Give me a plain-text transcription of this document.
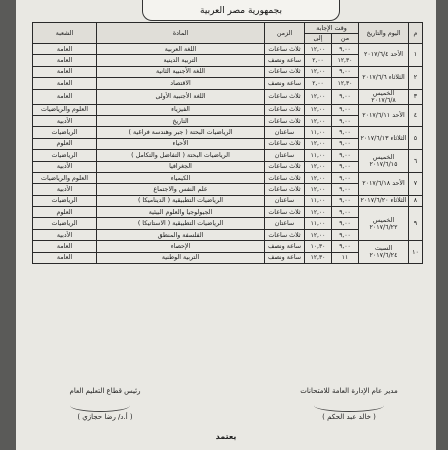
بجمهورية مصر العربية
م	اليوم والتاريخ	وقت الإجابة		الزمن	المادة	الشعبة
		من	إلى			
١	الأحد ٢٠١٧/٦/٤	٩,٠٠	١٢,٠٠	ثلاث ساعات	اللغة العربية	العامة
		١٢,٣٠	٢,٠٠	ساعة ونصف	التربية الدينية	العامة
٢	الثلاثاء ٢٠١٧/٦/٦	٩,٠٠	١٢,٠٠	ثلاث ساعات	اللغة الأجنبية الثانية	العامة
		١٢,٣٠	٢,٠٠	ساعة ونصف	الاقتصاد	العامة
٣	الخميس ٢٠١٧/٦/٨	٩,٠٠	١٢,٠٠	ثلاث ساعات	اللغة الأجنبية الأولى	العامة
٤	الأحد ٢٠١٧/٦/١١	٩,٠٠	١٢,٠٠	ثلاث ساعات	الفيزياء	العلوم والرياضيات
		٩,٠٠	١٢,٠٠	ثلاث ساعات	التاريخ	الأدبية
٥	الثلاثاء ٢٠١٧/٦/١٣	٩,٠٠	١١,٠٠	ساعتان	الرياضيات البحتة ( جبر وهندسة فراغية )	الرياضيات
		٩,٠٠	١٢,٠٠	ثلاث ساعات	الأحياء	العلوم
٦	الخميس ٢٠١٧/٦/١٥	٩,٠٠	١١,٠٠	ساعتان	الرياضيات البحتة ( التفاضل والتكامل )	الرياضيات
		٩,٠٠	١٢,٠٠	ثلاث ساعات	الجغرافيا	الأدبية
٧	الأحد ٢٠١٧/٦/١٨	٩,٠٠	١٢,٠٠	ثلاث ساعات	الكيمياء	العلوم والرياضيات
		٩,٠٠	١٢,٠٠	ثلاث ساعات	علم النفس والاجتماع	الأدبية
٨	الثلاثاء ٢٠١٧/٦/٢٠	٩,٠٠	١١,٠٠	ساعتان	الرياضيات التطبيقية ( الديناميكا )	الرياضيات
٩	الخميس ٢٠١٧/٦/٢٢	٩,٠٠	١٢,٠٠	ثلاث ساعات	الجيولوجيا والعلوم البيئية	العلوم
		٩,٠٠	١١,٠٠	ساعتان	الرياضيات التطبيقية ( الاستاتيكا )	الرياضيات
		٩,٠٠	١٢,٠٠	ثلاث ساعات	الفلسفة والمنطق	الأدبية
١٠	السبت ٢٠١٧/٦/٢٤	٩,٠٠	١٠,٣٠	ساعة ونصف	الإحصاء	العامة
		١١	١٢,٣٠	ساعة ونصف	التربية الوطنية	العامة
مدير عام الإدارة العامة للامتحانات
( خالد عبد الحكم )
رئيس قطاع التعليم العام
( أ.د/ رضا حجازي )
يعتمد
